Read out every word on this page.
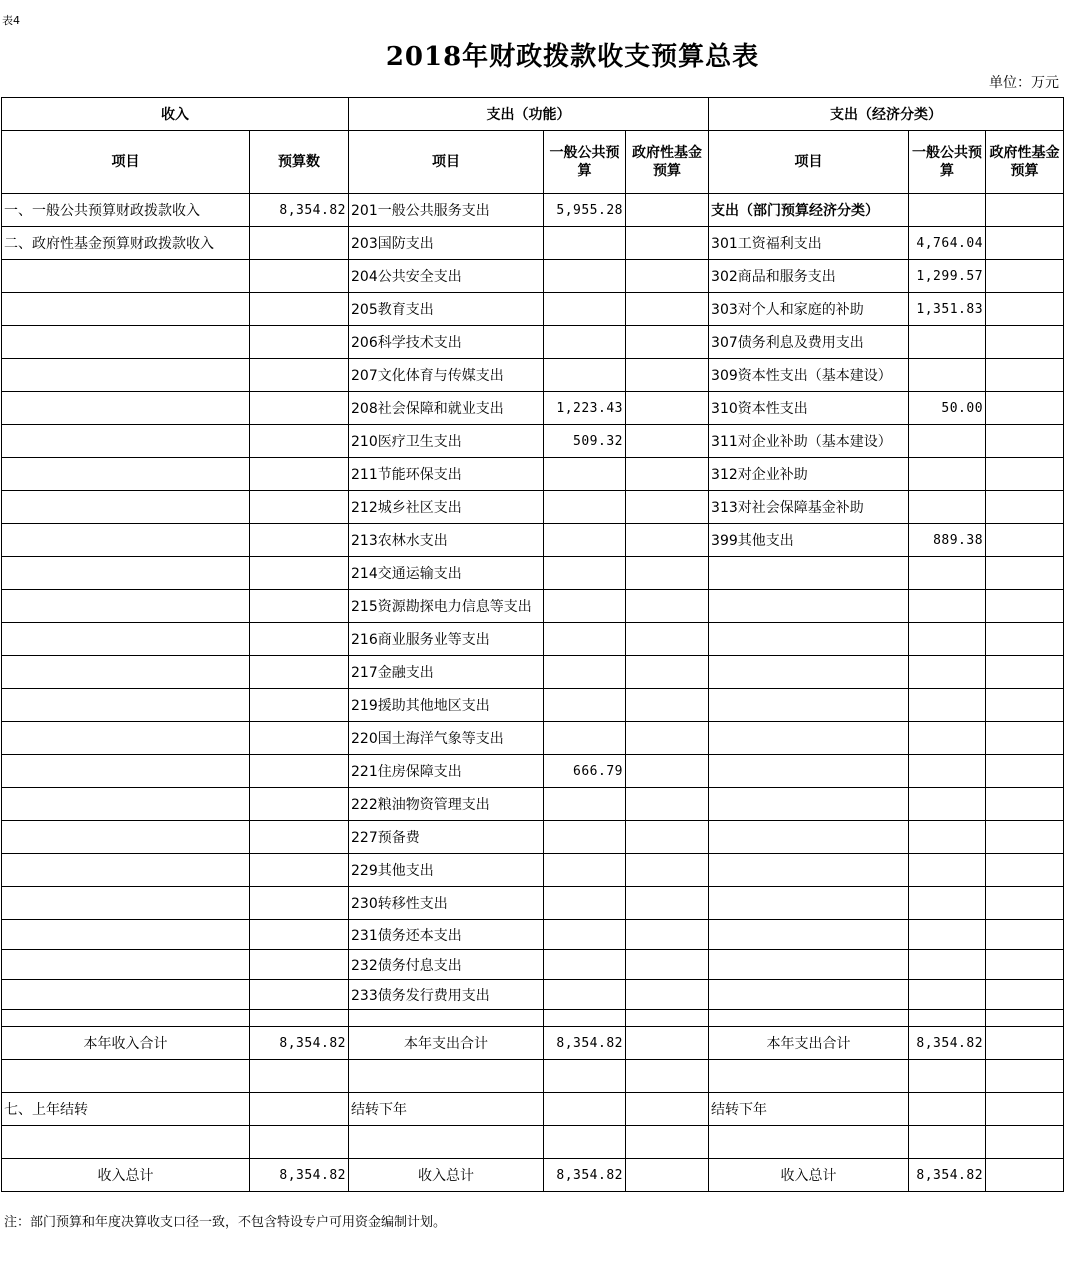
表4
2018年财政拨款收支预算总表
单位：万元
收入		支出（功能）			支出（经济分类）		
项目	预算数	项目	一般公共预算	政府性基金预算	项目	一般公共预算	政府性基金预算
一、一般公共预算财政拨款收入	8,354.82	201一般公共服务支出	5,955.28		支出（部门预算经济分类）		
二、政府性基金预算财政拨款收入		203国防支出			301工资福利支出	4,764.04	
		204公共安全支出			302商品和服务支出	1,299.57	
		205教育支出			303对个人和家庭的补助	1,351.83	
		206科学技术支出			307债务利息及费用支出		
		207文化体育与传媒支出			309资本性支出（基本建设）		
		208社会保障和就业支出	1,223.43		310资本性支出	50.00	
		210医疗卫生支出	509.32		311对企业补助（基本建设）		
		211节能环保支出			312对企业补助		
		212城乡社区支出			313对社会保障基金补助		
		213农林水支出			399其他支出	889.38	
		214交通运输支出					
		215资源勘探电力信息等支出					
		216商业服务业等支出					
		217金融支出					
		219援助其他地区支出					
		220国土海洋气象等支出					
		221住房保障支出	666.79				
		222粮油物资管理支出					
		227预备费					
		229其他支出					
		230转移性支出					
		231债务还本支出					
		232债务付息支出					
		233债务发行费用支出					

本年收入合计	8,354.82	本年支出合计	8,354.82		本年支出合计	8,354.82	

七、上年结转		结转下年			结转下年		

收入总计	8,354.82	收入总计	8,354.82		收入总计	8,354.82	
注：部门预算和年度决算收支口径一致，不包含特设专户可用资金编制计划。
